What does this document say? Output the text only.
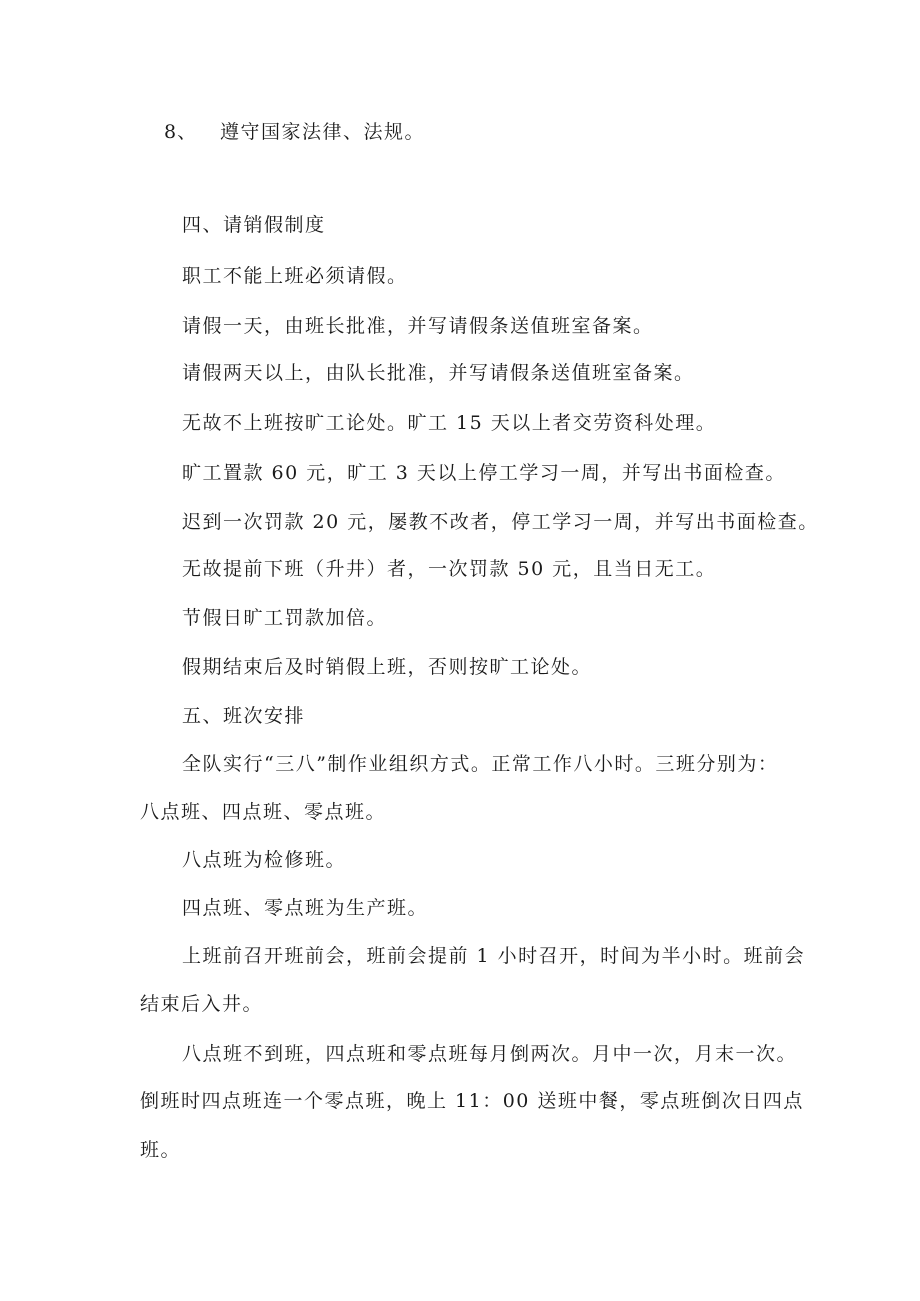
8、 遵守国家法律、法规。
四、请销假制度
职工不能上班必须请假。
请假一天，由班长批准，并写请假条送值班室备案。
请假两天以上，由队长批准，并写请假条送值班室备案。
无故不上班按旷工论处。旷工 15 天以上者交劳资科处理。
旷工置款 60 元，旷工 3 天以上停工学习一周，并写出书面检查。
迟到一次罚款 20 元，屡教不改者，停工学习一周，并写出书面检查。
无故提前下班（升井）者，一次罚款 50 元，且当日无工。
节假日旷工罚款加倍。
假期结束后及时销假上班，否则按旷工论处。
五、班次安排
全队实行“三八”制作业组织方式。正常工作八小时。三班分别为：
八点班、四点班、零点班。
八点班为检修班。
四点班、零点班为生产班。
上班前召开班前会，班前会提前 1 小时召开，时间为半小时。班前会
结束后入井。
八点班不到班，四点班和零点班每月倒两次。月中一次，月末一次。
倒班时四点班连一个零点班，晚上 11：00 送班中餐，零点班倒次日四点
班。
